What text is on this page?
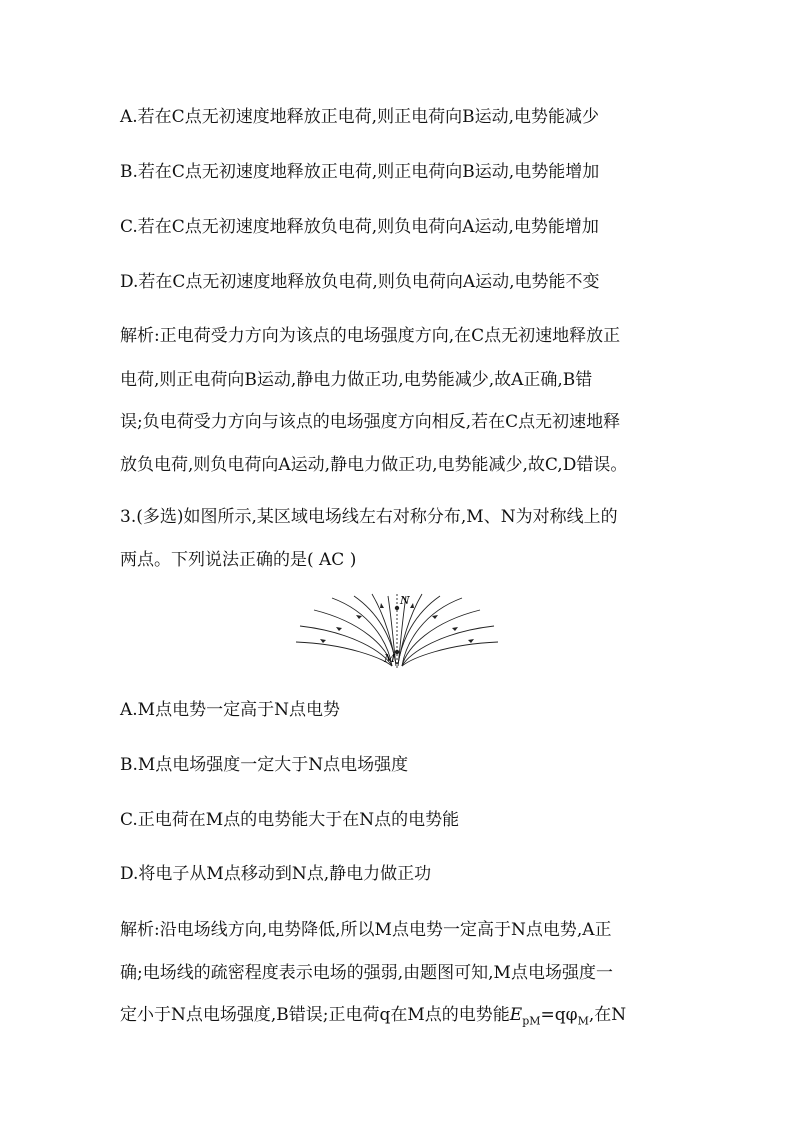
A.若在C点无初速度地释放正电荷,则正电荷向B运动,电势能减少
B.若在C点无初速度地释放正电荷,则正电荷向B运动,电势能增加
C.若在C点无初速度地释放负电荷,则负电荷向A运动,电势能增加
D.若在C点无初速度地释放负电荷,则负电荷向A运动,电势能不变
解析:正电荷受力方向为该点的电场强度方向,在C点无初速地释放正
电荷,则正电荷向B运动,静电力做正功,电势能减少,故A正确,B错
误;负电荷受力方向与该点的电场强度方向相反,若在C点无初速地释
放负电荷,则负电荷向A运动,静电力做正功,电势能减少,故C,D错误。
3.(多选)如图所示,某区域电场线左右对称分布,M、N为对称线上的
两点。下列说法正确的是( AC )
N
M
A.M点电势一定高于N点电势
B.M点电场强度一定大于N点电场强度
C.正电荷在M点的电势能大于在N点的电势能
D.将电子从M点移动到N点,静电力做正功
解析:沿电场线方向,电势降低,所以M点电势一定高于N点电势,A正
确;电场线的疏密程度表示电场的强弱,由题图可知,M点电场强度一
定小于N点电场强度,B错误;正电荷q在M点的电势能$E_{pM}=q\varphi_M$,在N
